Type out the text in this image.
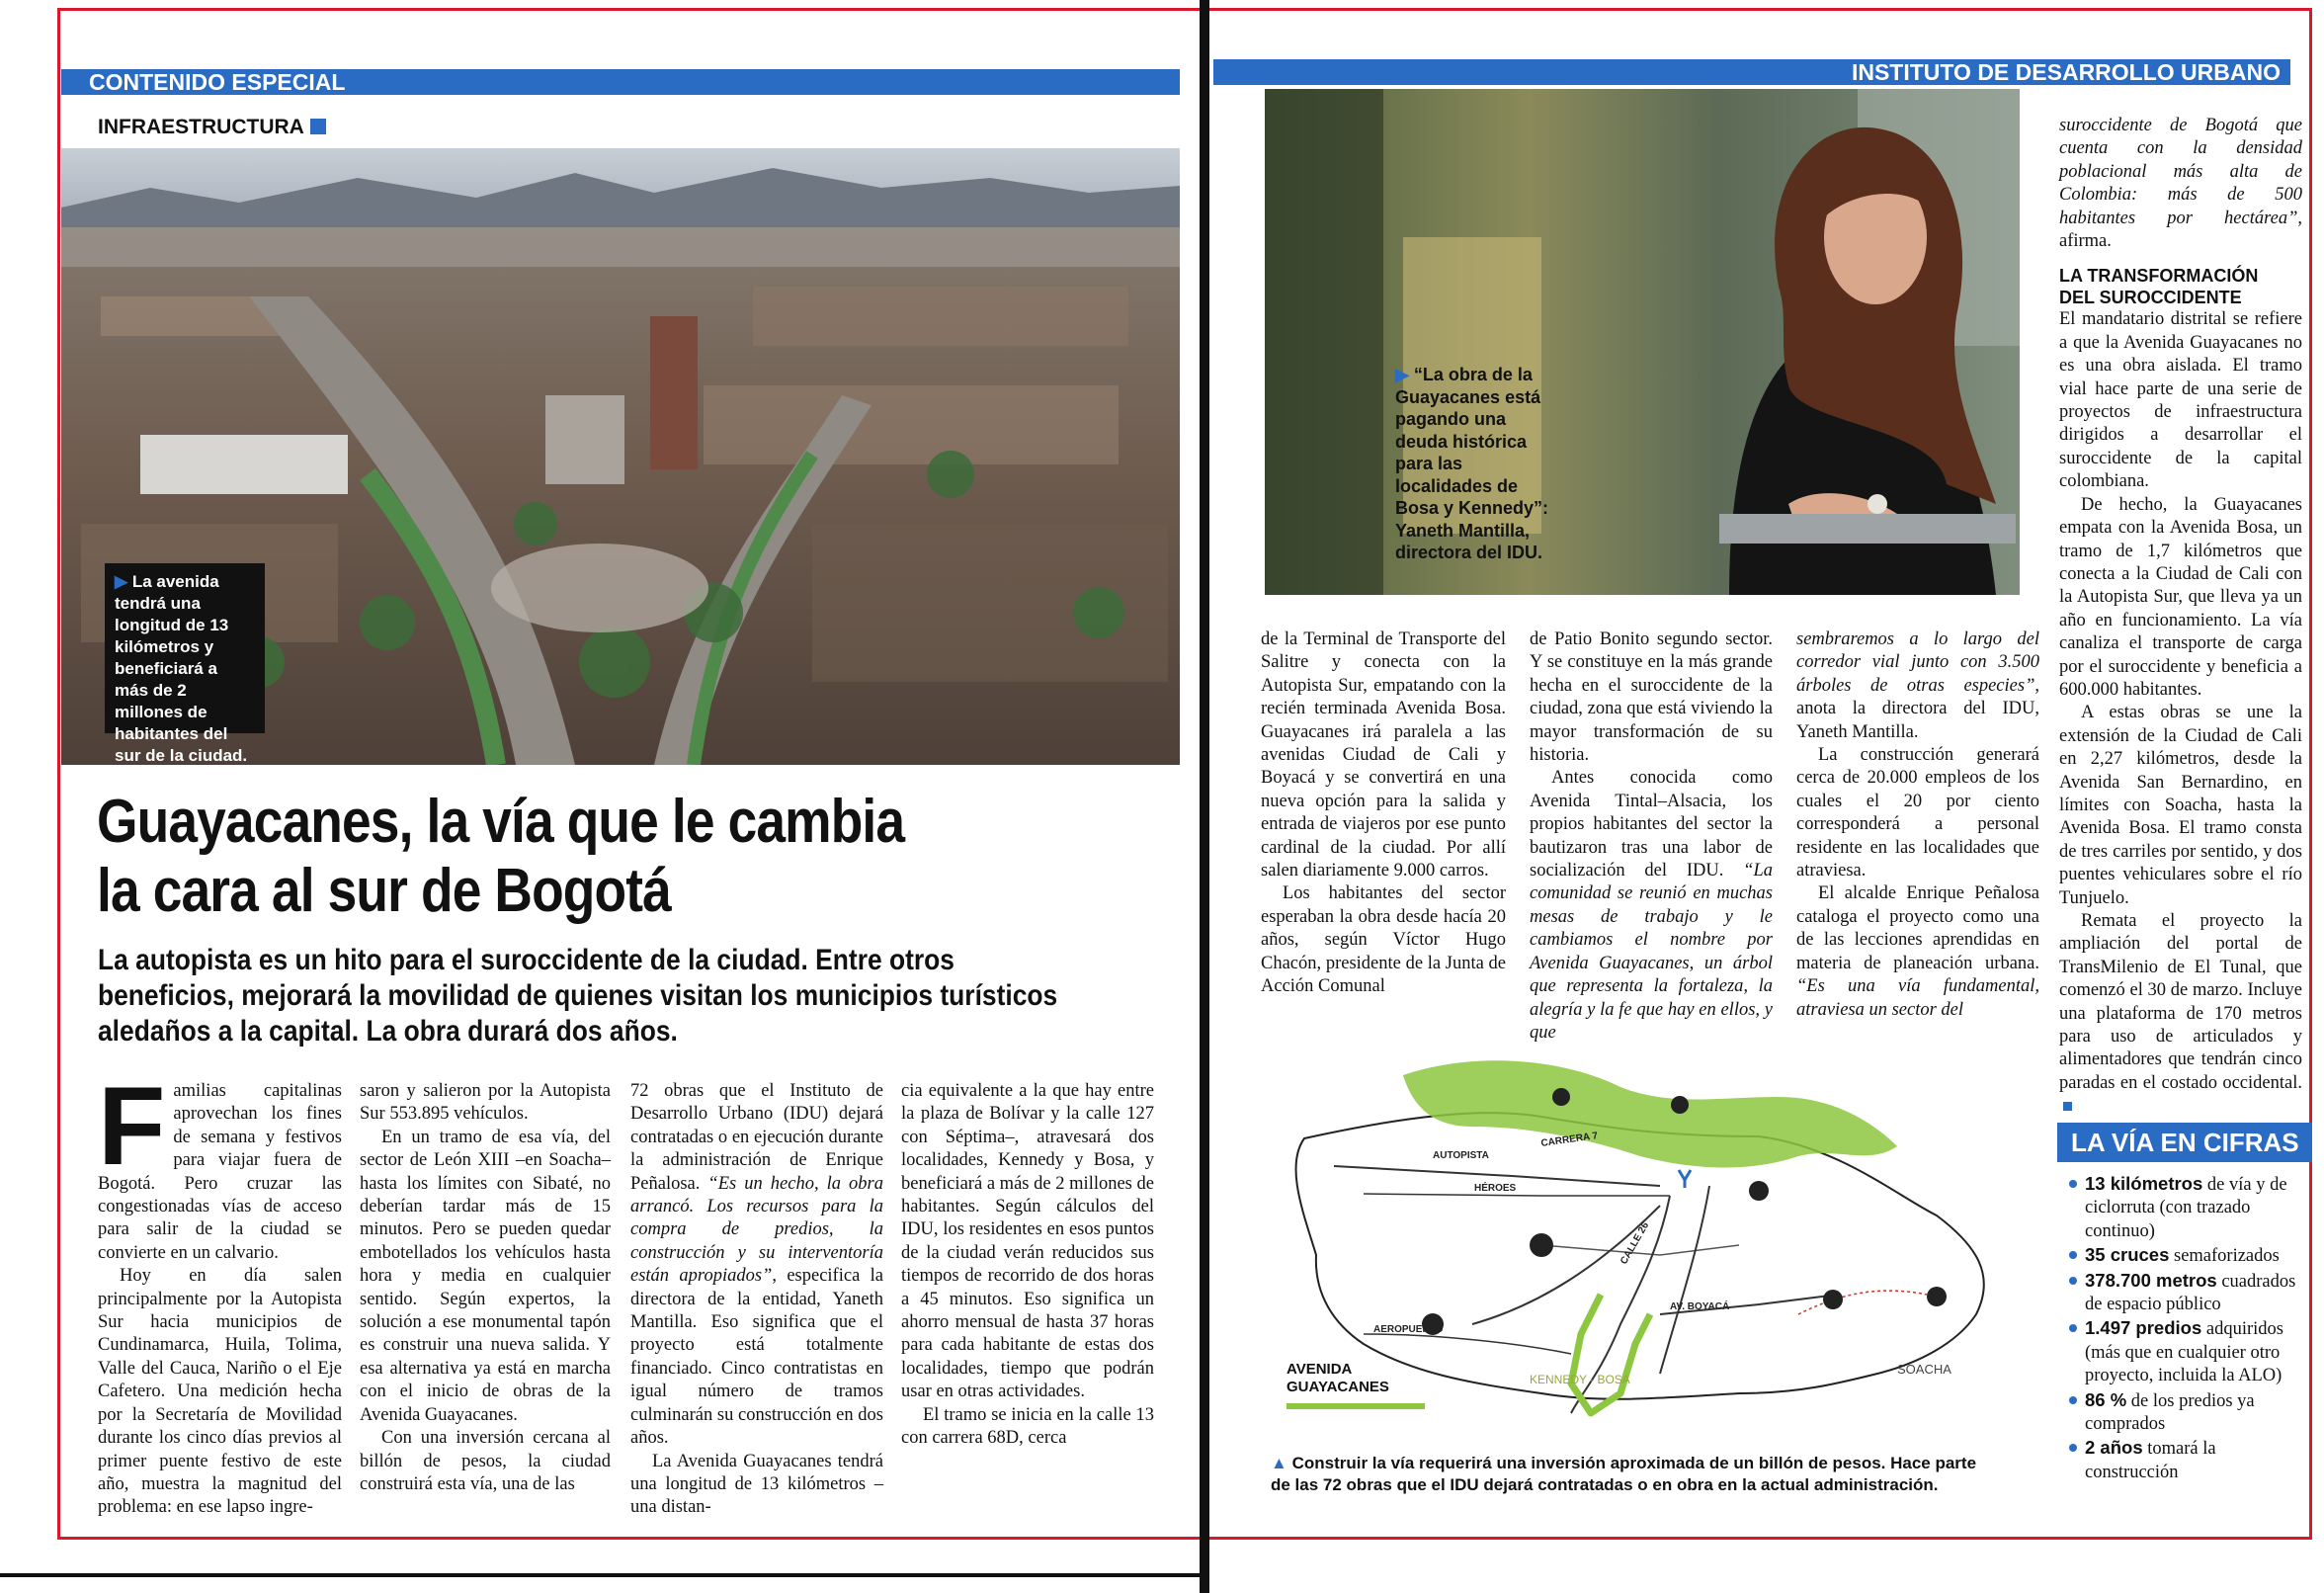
CONTENIDO ESPECIAL
INFRAESTRUCTURA
▶ La avenida tendrá una longitud de 13 kilómetros y beneficiará a más de 2 millones de habitantes del sur de la ciudad.
Guayacanes, la vía que le cambia
la cara al sur de Bogotá
La autopista es un hito para el suroccidente de la ciudad. Entre otros beneficios, mejorará la movilidad de quienes visitan los municipios turísticos aledaños a la capital. La obra durará dos años.

Familias capitalinas aprovechan los fines de semana y festivos para viajar fuera de Bogotá. Pero cruzar las congestionadas vías de acceso para salir de la ciudad se convierte en un calvario.

Hoy en día salen principalmente por la Autopista Sur hacia municipios de Cundinamarca, Huila, Tolima, Valle del Cauca, Nariño o el Eje Cafetero. Una medición hecha por la Secretaría de Movilidad durante los cinco días previos al primer puente festivo de este año, muestra la magnitud del problema: en ese lapso ingre-

saron y salieron por la Autopista Sur 553.895 vehículos.

En un tramo de esa vía, del sector de León XIII –en Soacha– hasta los límites con Sibaté, no deberían tardar más de 15 minutos. Pero se pueden quedar embotellados los vehículos hasta hora y media en cualquier sentido. Según expertos, la solución a ese monumental tapón es construir una nueva salida. Y esa alternativa ya está en marcha con el inicio de obras de la Avenida Guayacanes.

Con una inversión cercana al billón de pesos, la ciudad construirá esta vía, una de las

72 obras que el Instituto de Desarrollo Urbano (IDU) dejará contratadas o en ejecución durante la administración de Enrique Peñalosa. “Es un hecho, la obra arrancó. Los recursos para la compra de predios, la construcción y su interventoría están apropiados”, especifica la directora de la entidad, Yaneth Mantilla. Eso significa que el proyecto está totalmente financiado. Cinco contratistas en igual número de tramos culminarán su construcción en dos años.

La Avenida Guayacanes tendrá una longitud de 13 kilómetros –una distan-

cia equivalente a la que hay entre la plaza de Bolívar y la calle 127 con Séptima–, atravesará dos localidades, Kennedy y Bosa, y beneficiará a más de 2 millones de habitantes. Según cálculos del IDU, los residentes en esos puntos de la ciudad verán reducidos sus tiempos de recorrido de dos horas a 45 minutos. Eso significa un ahorro mensual de hasta 37 horas para cada habitante de estas dos localidades, tiempo que podrán usar en otras actividades.

El tramo se inicia en la calle 13 con carrera 68D, cerca

INSTITUTO DE DESARROLLO URBANO
▶ “La obra de la Guayacanes está pagando una deuda histórica para las localidades de Bosa y Kennedy”: Yaneth Mantilla, directora del IDU.

de la Terminal de Transporte del Salitre y conecta con la Autopista Sur, empatando con la recién terminada Avenida Bosa. Guayacanes irá paralela a las avenidas Ciudad de Cali y Boyacá y se convertirá en una nueva opción para la salida y entrada de viajeros por ese punto cardinal de la ciudad. Por allí salen diariamente 9.000 carros.

Los habitantes del sector esperaban la obra desde hacía 20 años, según Víctor Hugo Chacón, presidente de la Junta de Acción Comunal

de Patio Bonito segundo sector. Y se constituye en la más grande hecha en el suroccidente de la ciudad, zona que está viviendo la mayor transformación de su historia.

Antes conocida como Avenida Tintal–Alsacia, los propios habitantes del sector la bautizaron tras una labor de socialización del IDU. “La comunidad se reunió en muchas mesas de trabajo y le cambiamos el nombre por Avenida Guayacanes, un árbol que representa la fortaleza, la alegría y la fe que hay en ellos, y que

sembraremos a lo largo del corredor vial junto con 3.500 árboles de otras especies”, anota la directora del IDU, Yaneth Mantilla.

La construcción generará cerca de 20.000 empleos de los cuales el 20 por ciento corresponderá a personal residente en las localidades que atraviesa.

El alcalde Enrique Peñalosa cataloga el proyecto como una de las lecciones aprendidas en materia de planeación urbana. “Es una vía fundamental, atraviesa un sector del

suroccidente de Bogotá que cuenta con la densidad poblacional más alta de Colombia: más de 500 habitantes por hectárea”, afirma.

LA TRANSFORMACIÓN
DEL SUROCCIDENTE

El mandatario distrital se refiere a que la Avenida Guayacanes no es una obra aislada. El tramo vial hace parte de una serie de proyectos de infraestructura dirigidos a desarrollar el suroccidente de la capital colombiana.

De hecho, la Guayacanes empata con la Avenida Bosa, un tramo de 1,7 kilómetros que conecta a la Ciudad de Cali con la Autopista Sur, que lleva ya un año en funcionamiento. La vía canaliza el transporte de carga por el suroccidente y beneficia a 600.000 habitantes.

A estas obras se une la extensión de la Ciudad de Cali en 2,27 kilómetros, desde la Avenida San Bernardino, en límites con Soacha, hasta la Avenida Bosa. El tramo consta de tres carriles por sentido, y dos puentes vehiculares sobre el río Tunjuelo.

Remata el proyecto la ampliación del portal de TransMilenio de El Tunal, que comenzó el 30 de marzo. Incluye una plataforma de 170 metros para uso de articulados y alimentadores que tendrán cinco paradas en el costado occidental.

AUTOPISTA
HÉROES
CARRERA 7
CALLE 26
AEROPUERTO
AV. BOYACÁ
KENNEDY - BOSA
SOACHA
AVENIDA
GUAYACANES
▲ Construir la vía requerirá una inversión aproximada de un billón de pesos. Hace parte de las 72 obras que el IDU dejará contratadas o en obra en la actual administración.
LA VÍA EN CIFRAS
13 kilómetros de vía y de ciclorruta (con trazado continuo)
35 cruces semaforizados
378.700 metros cuadrados de espacio público
1.497 predios adquiridos (más que en cualquier otro proyecto, incluida la ALO)
86 % de los predios ya comprados
2 años tomará la construcción
